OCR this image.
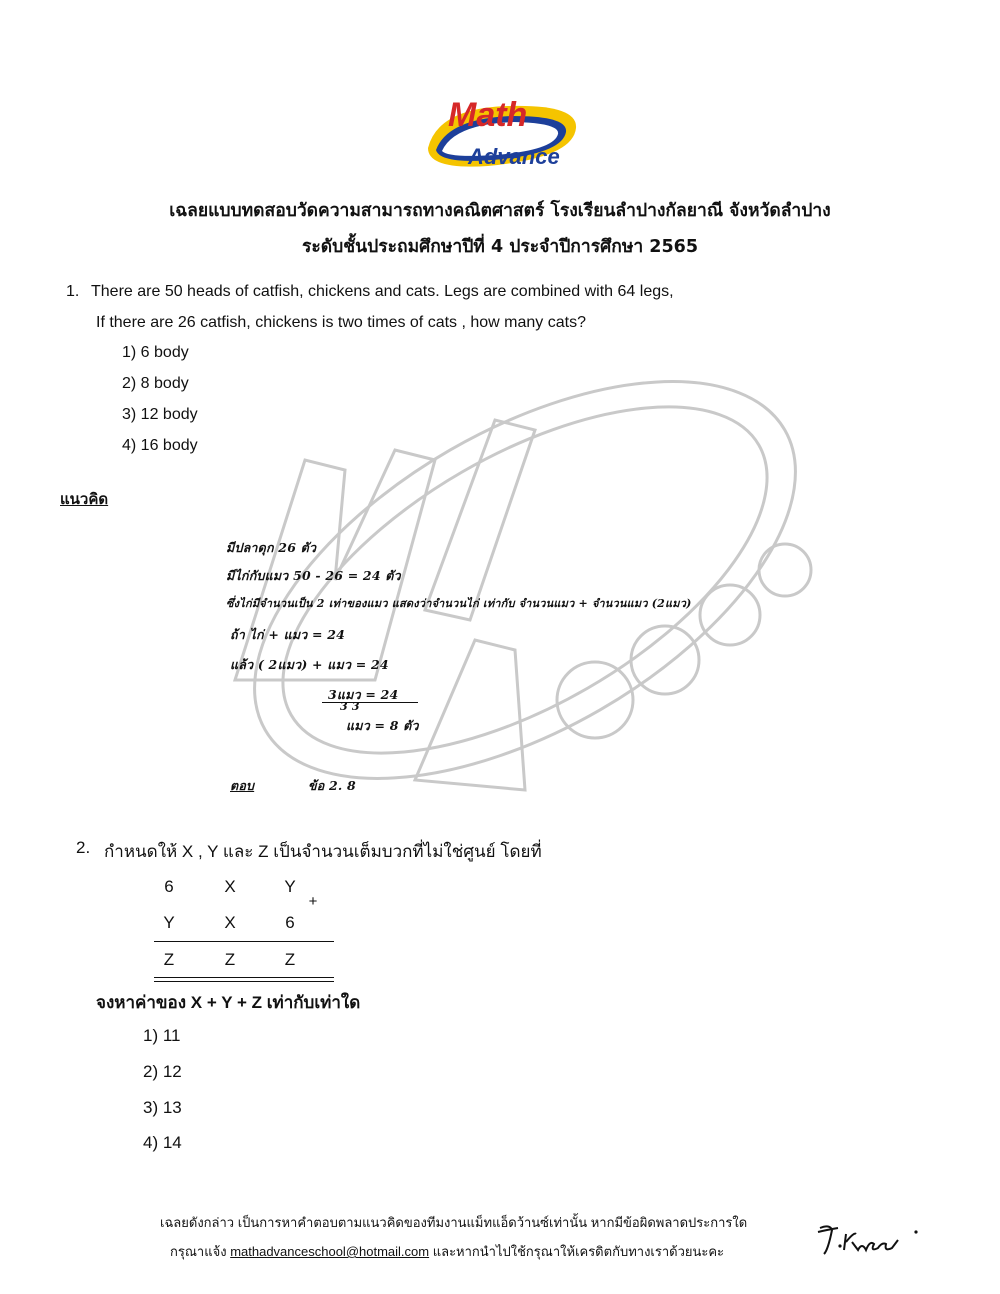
Math
Advance
เฉลยแบบทดสอบวัดความสามารถทางคณิตศาสตร์ โรงเรียนลำปางกัลยาณี จังหวัดลำปาง
ระดับชั้นประถมศึกษาปีที่ 4 ประจำปีการศึกษา 2565
1. There are 50 heads of catfish, chickens and cats. Legs are combined with 64 legs,
If there are 26 catfish, chickens is two times of cats , how many cats?
1) 6 body
2) 8 body
3) 12 body
4) 16 body
แนวคิด
มีปลาดุก 26 ตัว
มีไก่กับแมว 50 - 26 = 24 ตัว
ซึ่งไก่มีจำนวนเป็น 2 เท่าของแมว แสดงว่าจำนวนไก่ เท่ากับ จำนวนแมว + จำนวนแมว (2แมว)
ถ้า ไก่ + แมว = 24
แล้ว ( 2แมว) + แมว = 24
3แมว = 24
3 3
แมว = 8 ตัว
ตอบ	ข้อ 2. 8
2. กำหนดให้ X , Y และ Z เป็นจำนวนเต็มบวกที่ไม่ใช่ศูนย์ โดยที่
6	X	Y
+
Y	X	6
Z	Z	Z
จงหาค่าของ X + Y + Z เท่ากับเท่าใด
1) 11
2) 12
3) 13
4) 14
เฉลยดังกล่าว เป็นการหาคำตอบตามแนวคิดของทีมงานแม็ทแอ็ดว้านซ์เท่านั้น หากมีข้อผิดพลาดประการใด
กรุณาแจ้ง mathadvanceschool@hotmail.com และหากนำไปใช้กรุณาให้เครดิตกับทางเราด้วยนะคะ
